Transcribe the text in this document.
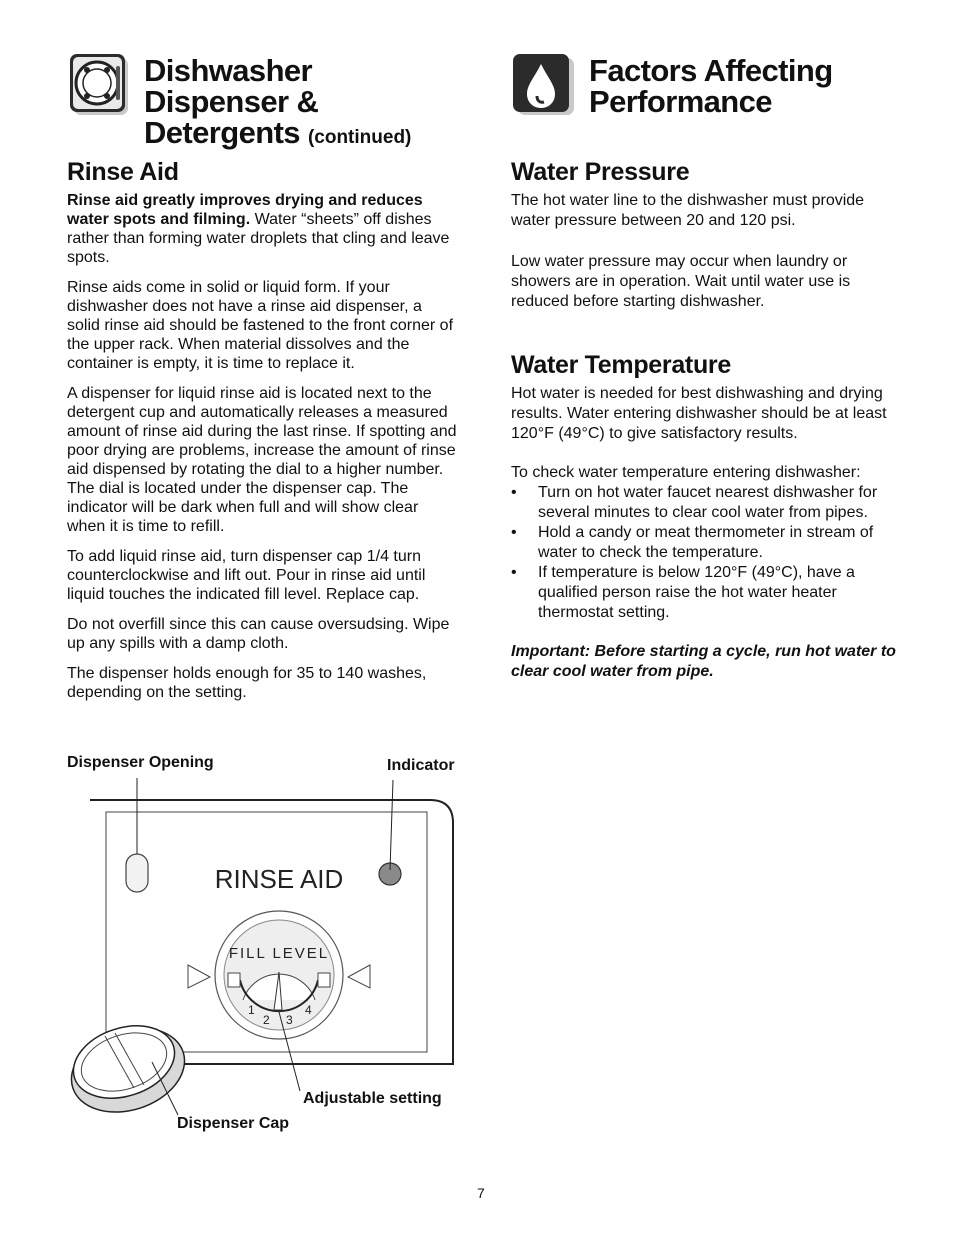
Dishwasher
Dispenser &
Detergents (continued)
Rinse Aid

Rinse aid greatly improves drying and reduces water spots and filming. Water “sheets” off dishes rather than forming water droplets that cling and leave spots.

Rinse aids come in solid or liquid form. If your dishwasher does not have a rinse aid dispenser, a solid rinse aid should be fastened to the front corner of the upper rack. When material dissolves and the container is empty, it is time to replace it.

A dispenser for liquid rinse aid is located next to the detergent cup and automatically releases a measured amount of rinse aid during the last rinse. If spotting and poor drying are problems, increase the amount of rinse aid dispensed by rotating the dial to a higher number. The dial is located under the dispenser cap. The indicator will be dark when full and will show clear when it is time to refill.

To add liquid rinse aid, turn dispenser cap 1/4 turn counterclockwise and lift out. Pour in rinse aid until liquid touches the indicated fill level. Replace cap.

Do not overfill since this can cause oversudsing. Wipe up any spills with a damp cloth.

The dispenser holds enough for 35 to 140 washes, depending on the setting.

Dispenser Opening	Indicator
Adjustable setting
Dispenser Cap
RINSE AID
FILL LEVEL
1
2 3
4
Factors Affecting
Performance
Water Pressure

The hot water line to the dishwasher must provide water pressure between 20 and 120 psi.

Low water pressure may occur when laundry or showers are in operation. Wait until water use is reduced before starting dishwasher.

Water Temperature

Hot water is needed for best dishwashing and drying results. Water entering dishwasher should be at least 120°F (49°C) to give satisfactory results.

To check water temperature entering dishwasher:

• Turn on hot water faucet nearest dishwasher for several minutes to clear cool water from pipes.
• Hold a candy or meat thermometer in stream of water to check the temperature.
• If temperature is below 120°F (49°C), have a qualified person raise the hot water heater thermostat setting.

Important: Before starting a cycle, run hot water to clear cool water from pipe.

7
